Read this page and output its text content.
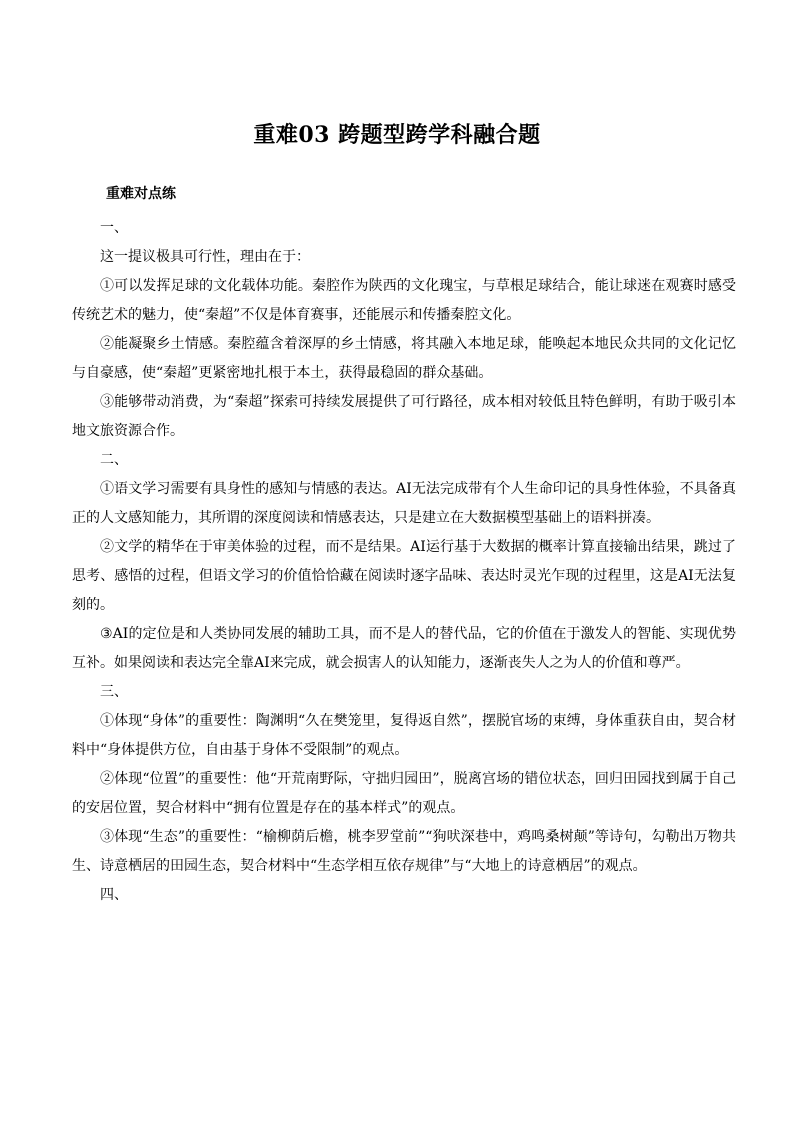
重难03 跨题型跨学科融合题
重难对点练

一、

这一提议极具可行性，理由在于：

①可以发挥足球的文化载体功能。秦腔作为陕西的文化瑰宝，与草根足球结合，能让球迷在观赛时感受传统艺术的魅力，使“秦超”不仅是体育赛事，还能展示和传播秦腔文化。

②能凝聚乡土情感。秦腔蕴含着深厚的乡土情感，将其融入本地足球，能唤起本地民众共同的文化记忆与自豪感，使“秦超”更紧密地扎根于本土，获得最稳固的群众基础。

③能够带动消费，为“秦超”探索可持续发展提供了可行路径，成本相对较低且特色鲜明，有助于吸引本地文旅资源合作。

二、

①语文学习需要有具身性的感知与情感的表达。AI无法完成带有个人生命印记的具身性体验，不具备真正的人文感知能力，其所谓的深度阅读和情感表达，只是建立在大数据模型基础上的语料拼凑。

②文学的精华在于审美体验的过程，而不是结果。AI运行基于大数据的概率计算直接输出结果，跳过了思考、感悟的过程，但语文学习的价值恰恰藏在阅读时逐字品味、表达时灵光乍现的过程里，这是AI无法复刻的。

③AI的定位是和人类协同发展的辅助工具，而不是人的替代品，它的价值在于激发人的智能、实现优势互补。如果阅读和表达完全靠AI来完成，就会损害人的认知能力，逐渐丧失人之为人的价值和尊严。

三、

①体现“身体”的重要性：陶渊明“久在樊笼里，复得返自然”，摆脱官场的束缚，身体重获自由，契合材料中“身体提供方位，自由基于身体不受限制”的观点。

②体现“位置”的重要性：他“开荒南野际，守拙归园田”，脱离宫场的错位状态，回归田园找到属于自己的安居位置，契合材料中“拥有位置是存在的基本样式”的观点。

③体现“生态”的重要性：“榆柳荫后檐，桃李罗堂前”“狗吠深巷中，鸡鸣桑树颠”等诗句，勾勒出万物共生、诗意栖居的田园生态，契合材料中“生态学相互依存规律”与“大地上的诗意栖居”的观点。

四、
